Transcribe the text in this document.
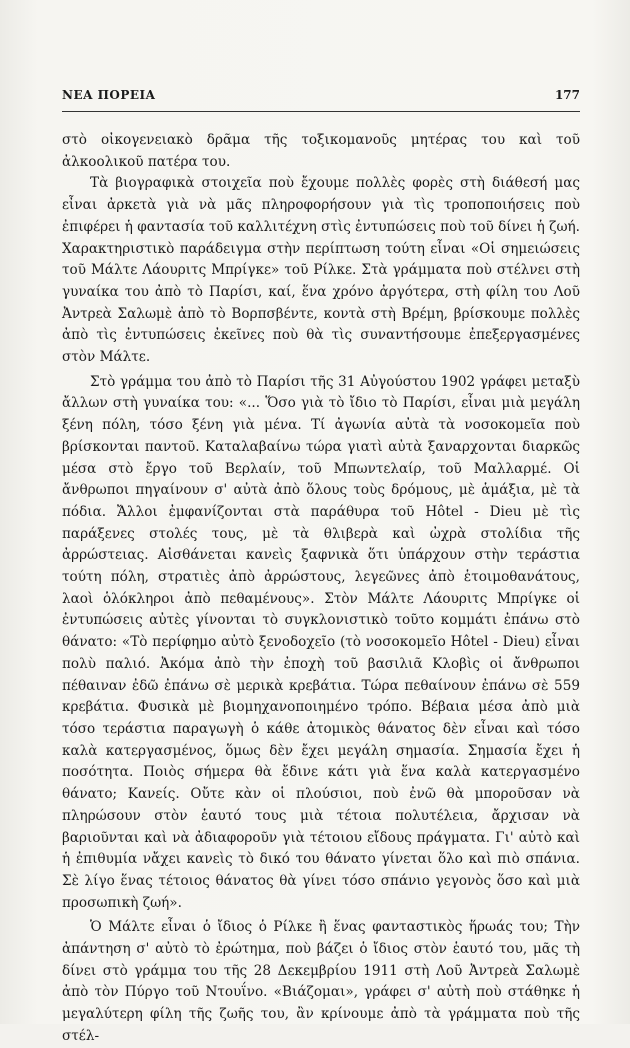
ΝΕΑ ΠΟΡΕΙΑ	177

στὸ οἰκογενειακὸ δρᾶμα τῆς τοξικομανοῦς μητέρας του καὶ τοῦ ἀλκοολικοῦ πατέρα του.

Τὰ βιογραφικὰ στοιχεῖα ποὺ ἔχουμε πολλὲς φορὲς στὴ διάθεσή μας εἶναι ἀρκετὰ γιὰ νὰ μᾶς πληροφορήσουν γιὰ τὶς τροποποιήσεις ποὺ ἐπιφέρει ἡ φαντασία τοῦ καλλιτέχνη στὶς ἐντυπώσεις ποὺ τοῦ δίνει ἡ ζωή. Χαρακτηριστικὸ παράδειγμα στὴν περίπτωση τούτη εἶναι «Οἱ σημειώσεις τοῦ Μάλτε Λάουριτς Μπρίγκε» τοῦ Ρίλκε. Στὰ γράμματα ποὺ στέλνει στὴ γυναίκα του ἀπὸ τὸ Παρίσι, καί, ἕνα χρόνο ἀργότερα, στὴ φίλη του Λοῦ Ἀντρεὰ Σαλωμὲ ἀπὸ τὸ Βορπσβέντε, κοντὰ στὴ Βρέμη, βρίσκουμε πολλὲς ἀπὸ τὶς ἐντυπώσεις ἐκεῖνες ποὺ θὰ τὶς συναντήσουμε ἐπεξεργασμένες στὸν Μάλτε.

Στὸ γράμμα του ἀπὸ τὸ Παρίσι τῆς 31 Αὐγούστου 1902 γράφει μεταξὺ ἄλλων στὴ γυναίκα του: «... Ὅσο γιὰ τὸ ἴδιο τὸ Παρίσι, εἶναι μιὰ μεγάλη ξένη πόλη, τόσο ξένη γιὰ μένα. Τί ἀγωνία αὐτὰ τὰ νοσοκομεῖα ποὺ βρίσκονται παντοῦ. Καταλαβαίνω τώρα γιατὶ αὐτὰ ξαναρχονται διαρκῶς μέσα στὸ ἔργο τοῦ Βερλαίν, τοῦ Μπωντελαίρ, τοῦ Μαλλαρμέ. Οἱ ἄνθρωποι πηγαίνουν σ' αὐτὰ ἀπὸ ὅλους τοὺς δρόμους, μὲ ἁμάξια, μὲ τὰ πόδια. Ἄλλοι ἐμφανίζονται στὰ παράθυρα τοῦ Hôtel - Dieu μὲ τὶς παράξενες στολές τους, μὲ τὰ θλιβερὰ καὶ ὠχρὰ στολίδια τῆς ἀρρώστειας. Αἰσθάνεται κανεὶς ξαφνικὰ ὅτι ὑπάρχουν στὴν τεράστια τούτη πόλη, στρατιὲς ἀπὸ ἀρρώστους, λεγεῶνες ἀπὸ ἑτοιμοθανάτους, λαοὶ ὁλόκληροι ἀπὸ πεθαμένους». Στὸν Μάλτε Λάουριτς Μπρίγκε οἱ ἐντυπώσεις αὐτὲς γίνονται τὸ συγκλονιστικὸ τοῦτο κομμάτι ἐπάνω στὸ θάνατο: «Τὸ περίφημο αὐτὸ ξενοδοχεῖο (τὸ νοσοκομεῖο Hôtel - Dieu) εἶναι πολὺ παλιό. Ἀκόμα ἀπὸ τὴν ἐποχὴ τοῦ βασιλιᾶ Κλοβὶς οἱ ἄνθρωποι πέθαιναν ἐδῶ ἐπάνω σὲ μερικὰ κρεβάτια. Τώρα πεθαίνουν ἐπάνω σὲ 559 κρεβάτια. Φυσικὰ μὲ βιομηχανοποιημένο τρόπο. Βέβαια μέσα ἀπὸ μιὰ τόσο τεράστια παραγωγὴ ὁ κάθε ἀτομικὸς θάνατος δὲν εἶναι καὶ τόσο καλὰ κατεργασμένος, ὅμως δὲν ἔχει μεγάλη σημασία. Σημασία ἔχει ἡ ποσότητα. Ποιὸς σήμερα θὰ ἔδινε κάτι γιὰ ἕνα καλὰ κατεργασμένο θάνατο; Κανείς. Οὔτε κὰν οἱ πλούσιοι, ποὺ ἐνῶ θὰ μποροῦσαν νὰ πληρώσουν στὸν ἑαυτό τους μιὰ τέτοια πολυτέλεια, ἄρχισαν νὰ βαριοῦνται καὶ νὰ ἀδιαφοροῦν γιὰ τέτοιου εἴδους πράγματα. Γι' αὐτὸ καὶ ἡ ἐπιθυμία νἄχει κανεὶς τὸ δικό του θάνατο γίνεται ὅλο καὶ πιὸ σπάνια. Σὲ λίγο ἕνας τέτοιος θάνατος θὰ γίνει τόσο σπάνιο γεγονὸς ὅσο καὶ μιὰ προσωπικὴ ζωή».

Ὁ Μάλτε εἶναι ὁ ἴδιος ὁ Ρίλκε ἢ ἕνας φανταστικὸς ἥρωάς του; Τὴν ἀπάντηση σ' αὐτὸ τὸ ἐρώτημα, ποὺ βάζει ὁ ἴδιος στὸν ἑαυτό του, μᾶς τὴ δίνει στὸ γράμμα του τῆς 28 Δεκεμβρίου 1911 στὴ Λοῦ Ἀντρεὰ Σαλωμὲ ἀπὸ τὸν Πύργο τοῦ Ντουΐνο. «Βιάζομαι», γράφει σ' αὐτὴ ποὺ στάθηκε ἡ μεγαλύτερη φίλη τῆς ζωῆς του, ἂν κρίνουμε ἀπὸ τὰ γράμματα ποὺ τῆς στέλ-
